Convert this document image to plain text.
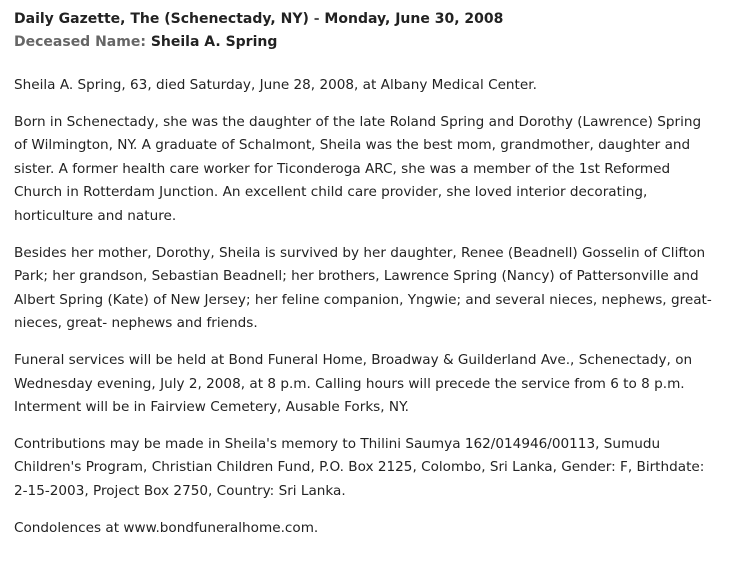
Daily Gazette, The (Schenectady, NY) - Monday, June 30, 2008
Deceased Name: Sheila A. Spring

Sheila A. Spring, 63, died Saturday, June 28, 2008, at Albany Medical Center.

Born in Schenectady, she was the daughter of the late Roland Spring and Dorothy (Lawrence) Spring of Wilmington, NY. A graduate of Schalmont, Sheila was the best mom, grandmother, daughter and sister. A former health care worker for Ticonderoga ARC, she was a member of the 1st Reformed Church in Rotterdam Junction. An excellent child care provider, she loved interior decorating, horticulture and nature.

Besides her mother, Dorothy, Sheila is survived by her daughter, Renee (Beadnell) Gosselin of Clifton Park; her grandson, Sebastian Beadnell; her brothers, Lawrence Spring (Nancy) of Pattersonville and Albert Spring (Kate) of New Jersey; her feline companion, Yngwie; and several nieces, nephews, great-nieces, great- nephews and friends.

Funeral services will be held at Bond Funeral Home, Broadway & Guilderland Ave., Schenectady, on Wednesday evening, July 2, 2008, at 8 p.m. Calling hours will precede the service from 6 to 8 p.m. Interment will be in Fairview Cemetery, Ausable Forks, NY.

Contributions may be made in Sheila's memory to Thilini Saumya 162/014946/00113, Sumudu Children's Program, Christian Children Fund, P.O. Box 2125, Colombo, Sri Lanka, Gender: F, Birthdate: 2-15-2003, Project Box 2750, Country: Sri Lanka.

Condolences at www.bondfuneralhome.com.
